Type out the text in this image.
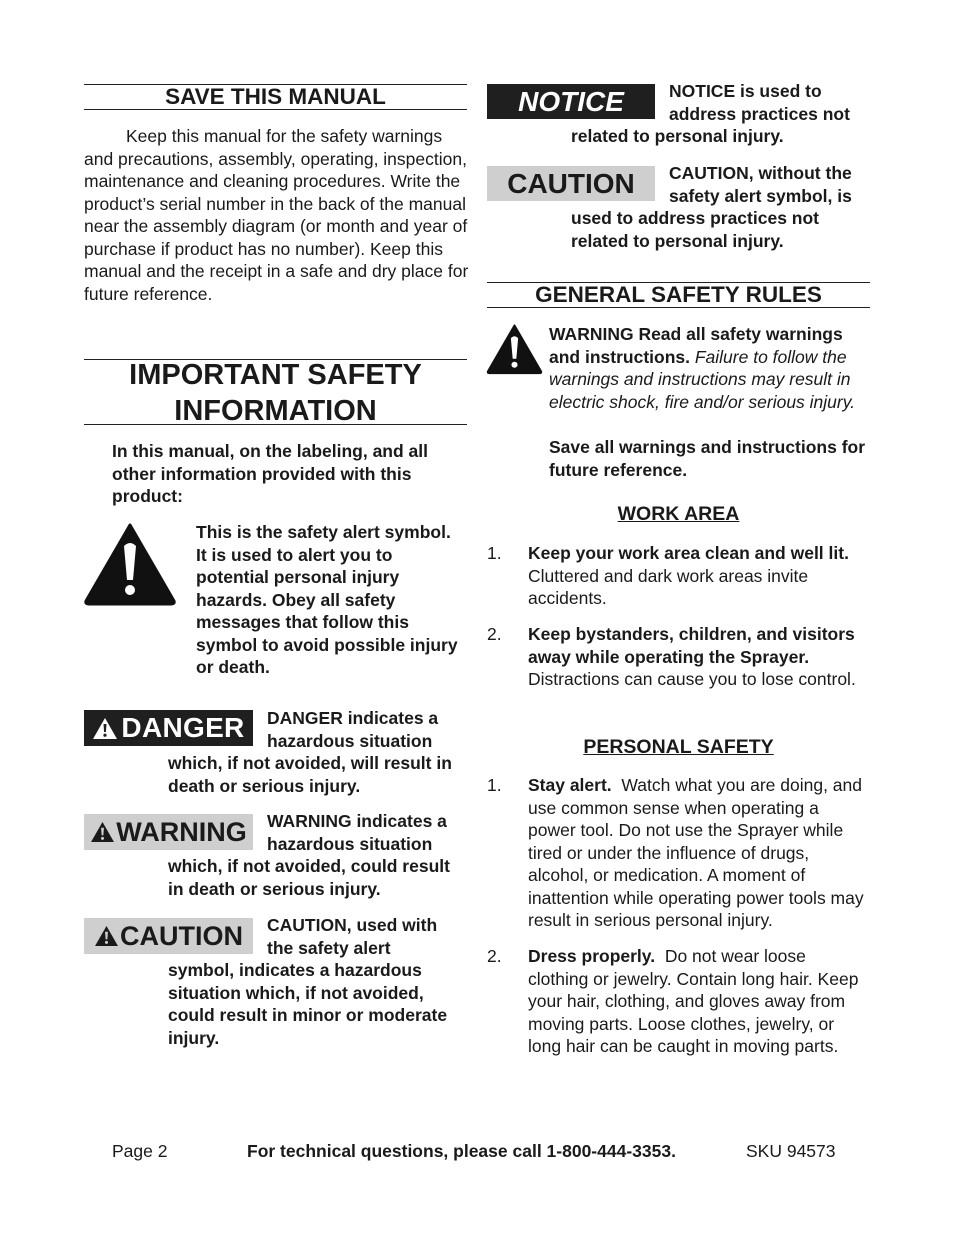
SAVE THIS MANUAL

Keep this manual for the safety warnings and precautions, assembly, operating, inspection, maintenance and cleaning procedures. Write the product’s serial number in the back of the manual near the assembly diagram (or month and year of purchase if product has no number). Keep this manual and the receipt in a safe and dry place for future reference.

IMPORTANT SAFETY
INFORMATION

In this manual, on the labeling, and all other information provided with this product:

This is the safety alert symbol. It is used to alert you to potential personal injury hazards. Obey all safety messages that follow this symbol to avoid possible injury or death.

DANGER DANGER indicates a
hazardous situation

which, if not avoided, will result in death or serious injury.

WARNING WARNING indicates a
hazardous situation

which, if not avoided, could result in death or serious injury.

CAUTION CAUTION, used with
the safety alert

symbol, indicates a hazardous situation which, if not avoided, could result in minor or moderate injury.

NOTICE	NOTICE is used to
address practices not

related to personal injury.

CAUTION CAUTION, without the
safety alert symbol, is

used to address practices not related to personal injury.

GENERAL SAFETY RULES

WARNING Read all safety warnings and instructions. Failure to follow the warnings and instructions may result in electric shock, fire and/or serious injury.

Save all warnings and instructions for future reference.

WORK AREA
1. Keep your work area clean and well lit.  Cluttered and dark work areas invite accidents.

2. Keep bystanders, children, and visitors away while operating the Sprayer.  Distractions can cause you to lose control.

PERSONAL SAFETY
1. Stay alert. Watch what you are doing, and use common sense when operating a power tool. Do not use the Sprayer while tired or under the influence of drugs, alcohol, or medication. A moment of inattention while operating power tools may result in serious personal injury.

2. Dress properly. Do not wear loose clothing or jewelry. Contain long hair. Keep your hair, clothing, and gloves away from moving parts. Loose clothes, jewelry, or long hair can be caught in moving parts.

Page 2	For technical questions, please call 1-800-444-3353.	SKU 94573
